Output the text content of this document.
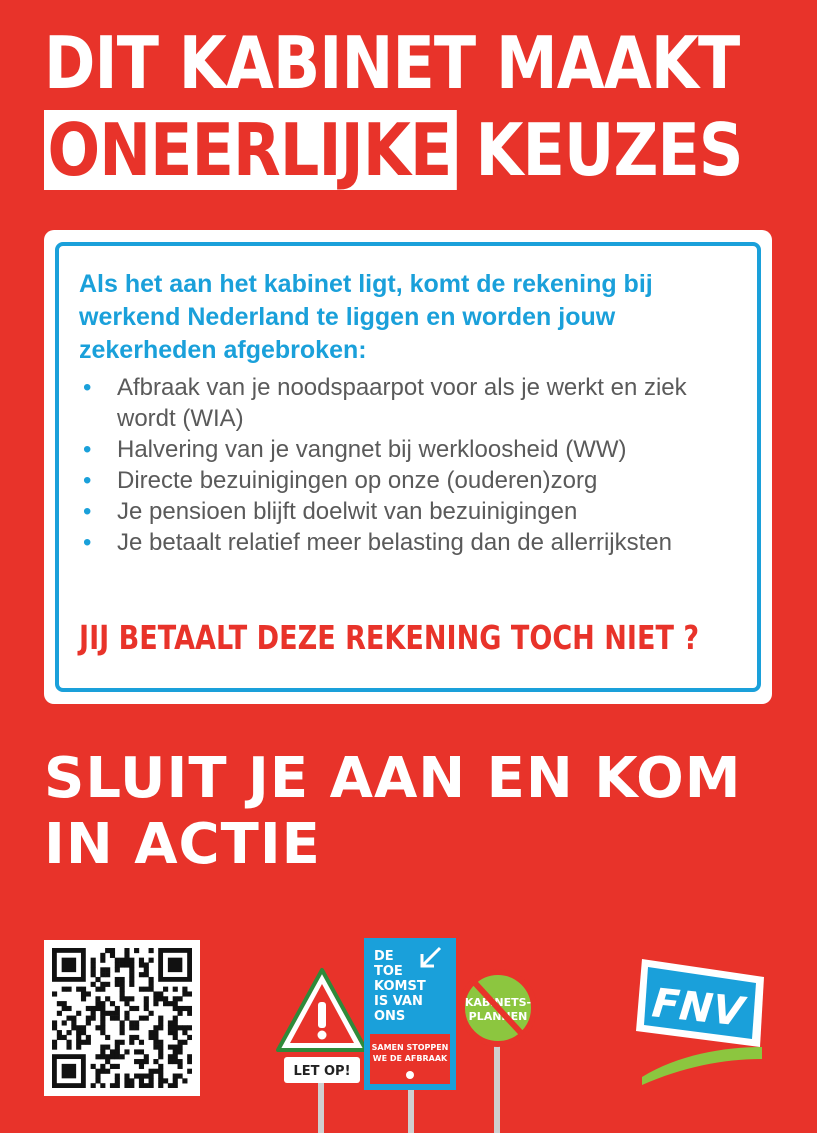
DIT KABINET MAAKT
ONEERLIJKE KEUZES

Als het aan het kabinet ligt, komt de rekening bij werkend Nederland te liggen en worden jouw zekerheden afgebroken:

• Afbraak van je noodspaarpot voor als je werkt en ziek wordt (WIA)
• Halvering van je vangnet bij werkloosheid (WW)
• Directe bezuinigingen op onze (ouderen)zorg
• Je pensioen blijft doelwit van bezuinigingen
• Je betaalt relatief meer belasting dan de allerrijksten
JIJ BETAALT DEZE REKENING TOCH NIET ?
SLUIT JE AAN EN KOM
IN ACTIE
LET OP!
KABINETS-
PLANNEN
DE
TOE
KOMST
IS VAN
ONS
SAMEN STOPPEN
WE DE AFBRAAK
FNV
